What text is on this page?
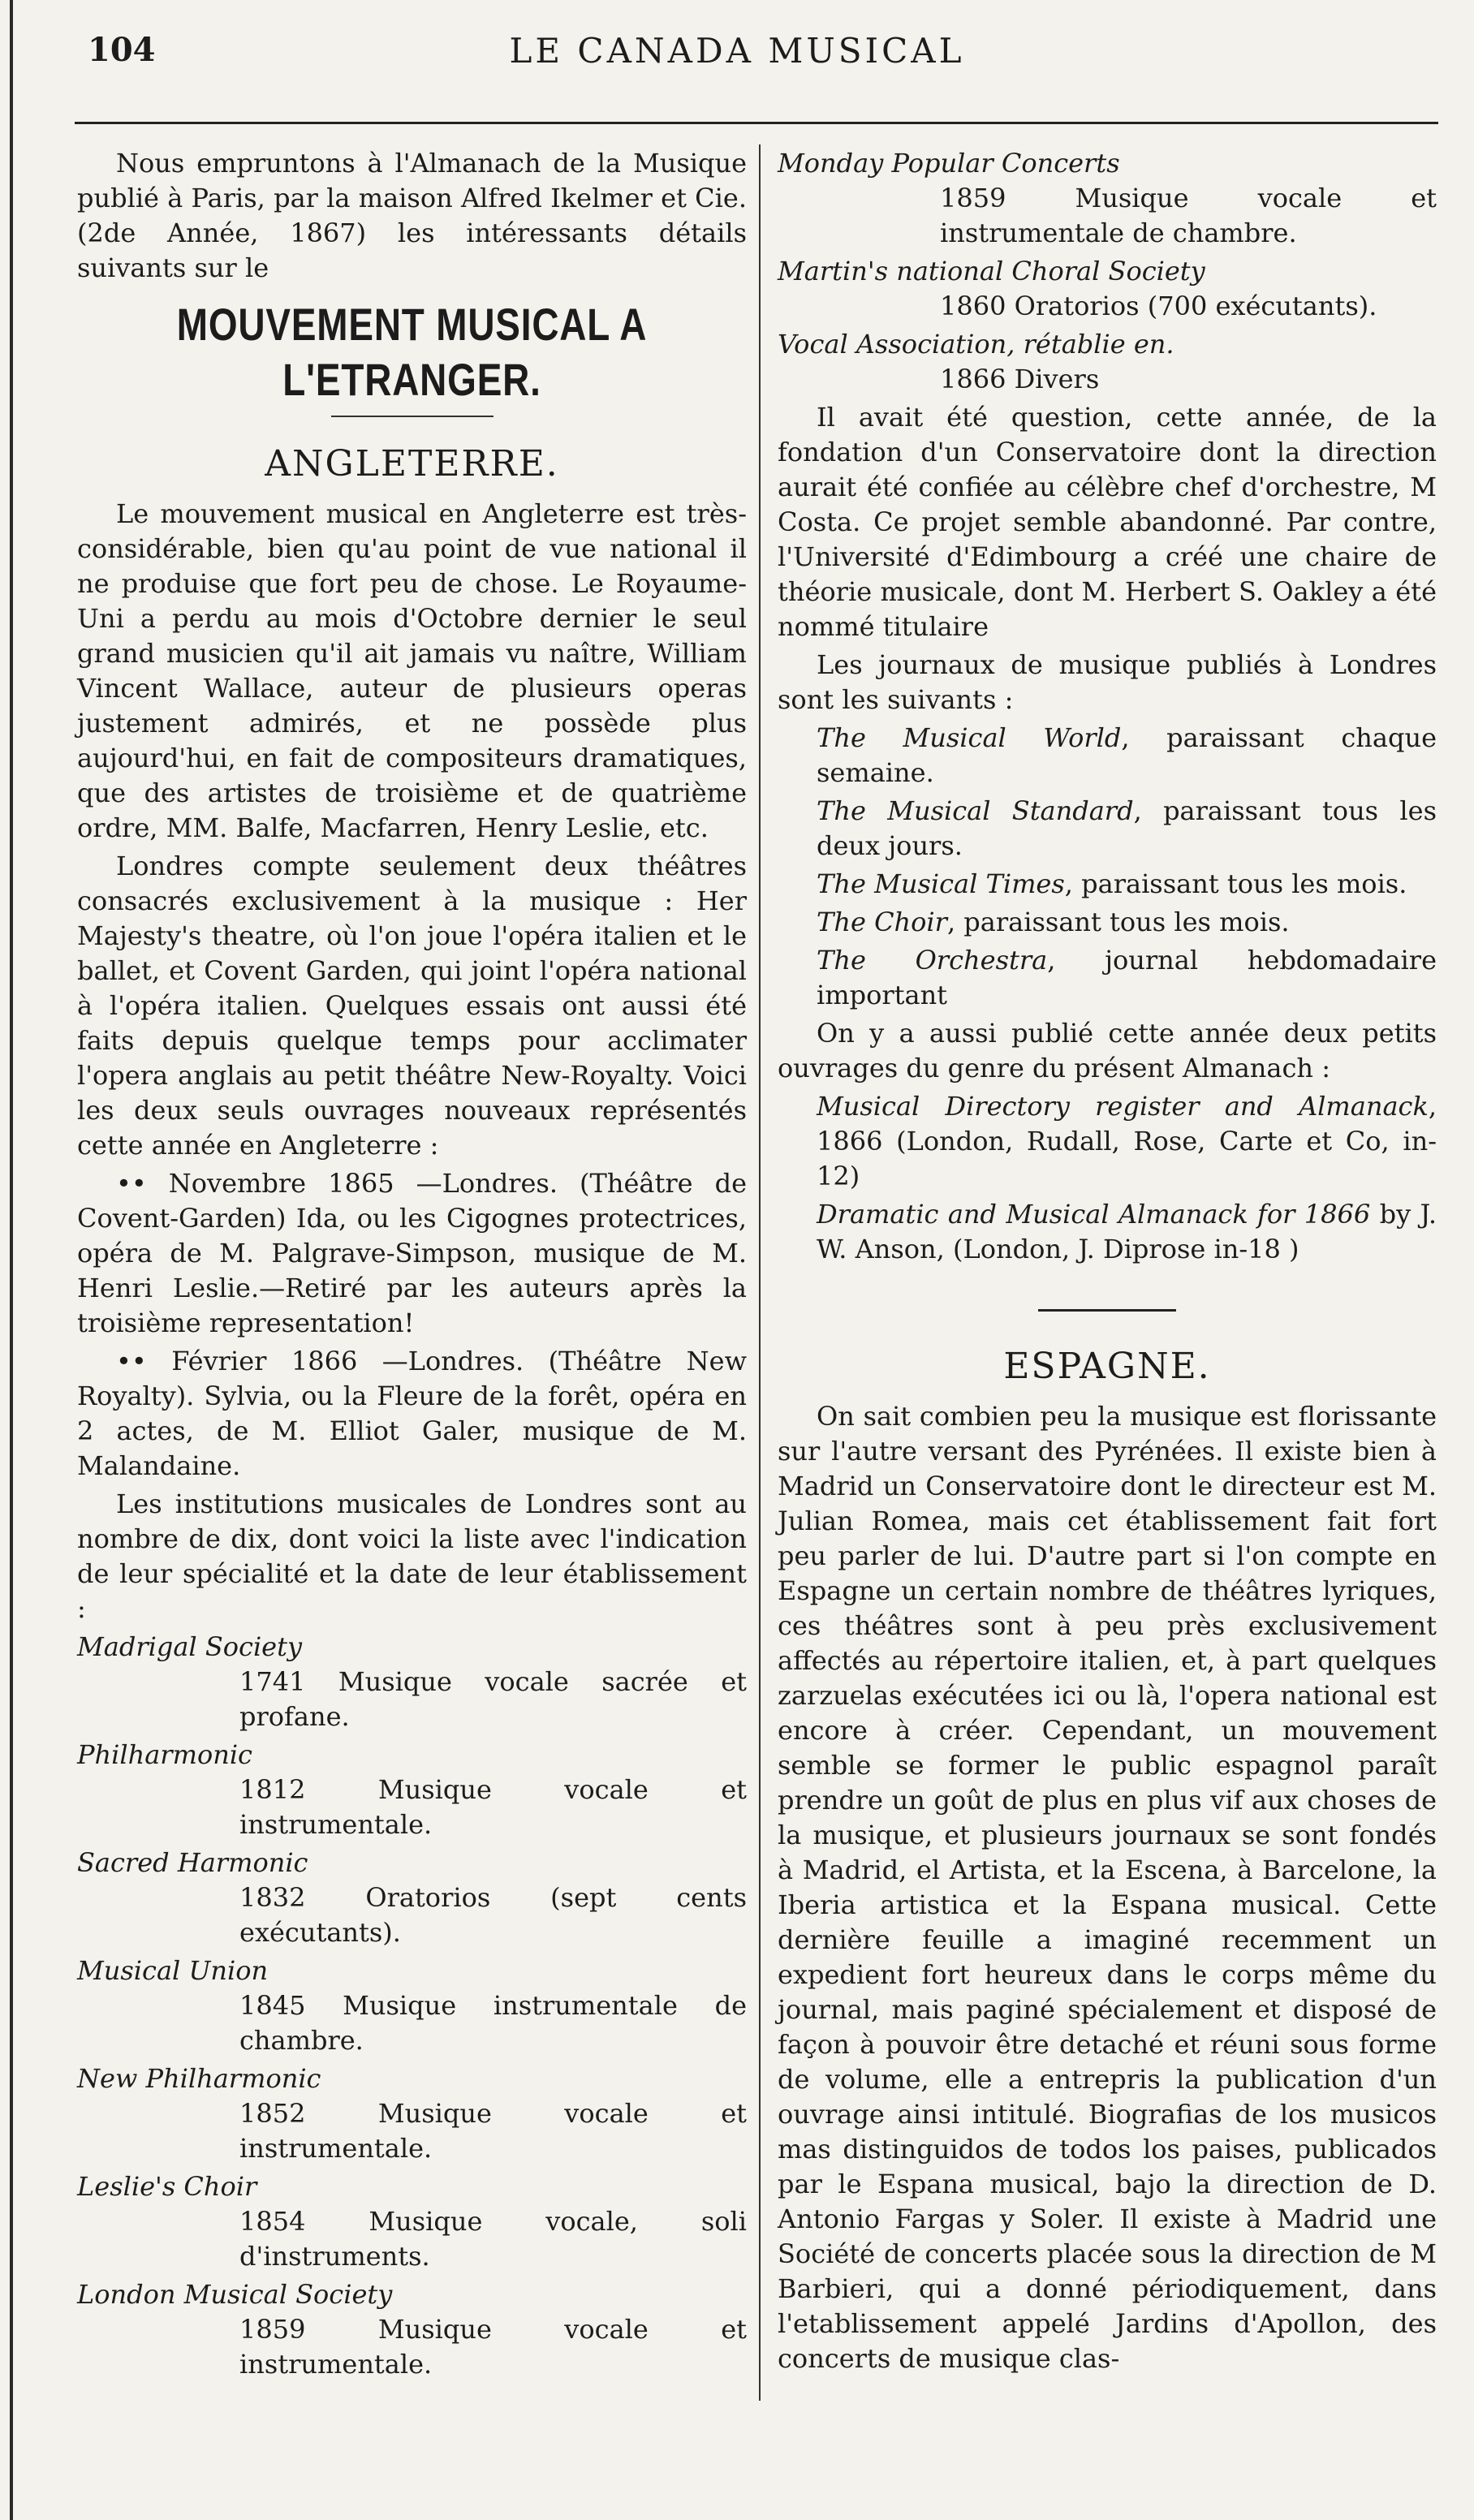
104	LE CANADA MUSICAL

Nous empruntons à l'Almanach de la Musique publié à Paris, par la maison Alfred Ikelmer et Cie. (2de Année, 1867) les intéressants détails suivants sur le

MOUVEMENT MUSICAL A
L'ETRANGER.
ANGLETERRE.

Le mouvement musical en Angleterre est très-considérable, bien qu'au point de vue national il ne produise que fort peu de chose. Le Royaume-Uni a perdu au mois d'Octobre dernier le seul grand musicien qu'il ait jamais vu naître, William Vincent Wallace, auteur de plusieurs operas justement admirés, et ne possède plus aujourd'hui, en fait de compositeurs dramatiques, que des artistes de troisième et de quatrième ordre, MM. Balfe, Macfarren, Henry Leslie, etc.

Londres compte seulement deux théâtres consacrés exclusivement à la musique : Her Majesty's theatre, où l'on joue l'opéra italien et le ballet, et Covent Garden, qui joint l'opéra national à l'opéra italien. Quelques essais ont aussi été faits depuis quelque temps pour acclimater l'opera anglais au petit théâtre New-Royalty. Voici les deux seuls ouvrages nouveaux représentés cette année en Angleterre :

•• Novembre 1865 —Londres. (Théâtre de Covent-Garden) Ida, ou les Cigognes protectrices, opéra de M. Palgrave-Simpson, musique de M. Henri Leslie.—Retiré par les auteurs après la troisième representation!

•• Février 1866 —Londres. (Théâtre New Royalty). Sylvia, ou la Fleure de la forêt, opéra en 2 actes, de M. Elliot Galer, musique de M. Malandaine.

Les institutions musicales de Londres sont au nombre de dix, dont voici la liste avec l'indication de leur spécialité et la date de leur établissement :

Madrigal Society
1741 Musique vocale sacrée et profane.
Philharmonic
1812	Musique vocale et instrumentale.
Sacred Harmonic
1832 Oratorios (sept cents exécutants).
Musical Union
1845 Musique instrumentale de chambre.
New Philharmonic
1852	Musique vocale et instrumentale.
Leslie's Choir
1854 Musique vocale, soli d'instruments.
London Musical Society
1859	Musique vocale et instrumentale.
Monday Popular Concerts
1859	Musique vocale et instrumentale de chambre.
Martin's national Choral Society
1860 Oratorios (700 exécutants).
Vocal Association, rétablie en.
1866 Divers

Il avait été question, cette année, de la fondation d'un Conservatoire dont la direction aurait été confiée au célèbre chef d'orchestre, M Costa. Ce projet semble abandonné. Par contre, l'Université d'Edimbourg a créé une chaire de théorie musicale, dont M. Herbert S. Oakley a été nommé titulaire

Les journaux de musique publiés à Londres sont les suivants :

The Musical World, paraissant chaque semaine.

The Musical Standard, paraissant tous les deux jours.

The Musical Times, paraissant tous les mois.

The Choir, paraissant tous les mois.

The Orchestra, journal hebdomadaire important

On y a aussi publié cette année deux petits ouvrages du genre du présent Almanach :

Musical Directory register and Almanack, 1866 (London, Rudall, Rose, Carte et Co, in-12)

Dramatic and Musical Almanack for 1866 by J. W. Anson, (London, J. Diprose in-18 )

ESPAGNE.

On sait combien peu la musique est florissante sur l'autre versant des Pyrénées. Il existe bien à Madrid un Conservatoire dont le directeur est M. Julian Romea, mais cet établissement fait fort peu parler de lui. D'autre part si l'on compte en Espagne un certain nombre de théâtres lyriques, ces théâtres sont à peu près exclusivement affectés au répertoire italien, et, à part quelques zarzuelas exécutées ici ou là, l'opera national est encore à créer. Cependant, un mouvement semble se former le public espagnol paraît prendre un goût de plus en plus vif aux choses de la musique, et plusieurs journaux se sont fondés à Madrid, el Artista, et la Escena, à Barcelone, la Iberia artistica et la Espana musical. Cette dernière feuille a imaginé recemment un expedient fort heureux dans le corps même du journal, mais paginé spécialement et disposé de façon à pouvoir être detaché et réuni sous forme de volume, elle a entrepris la publication d'un ouvrage ainsi intitulé. Biografias de los musicos mas distinguidos de todos los paises, publicados par le Espana musical, bajo la direction de D. Antonio Fargas y Soler. Il existe à Madrid une Société de concerts placée sous la direction de M Barbieri, qui a donné périodiquement, dans l'etablissement appelé Jardins d'Apollon, des concerts de musique clas-
